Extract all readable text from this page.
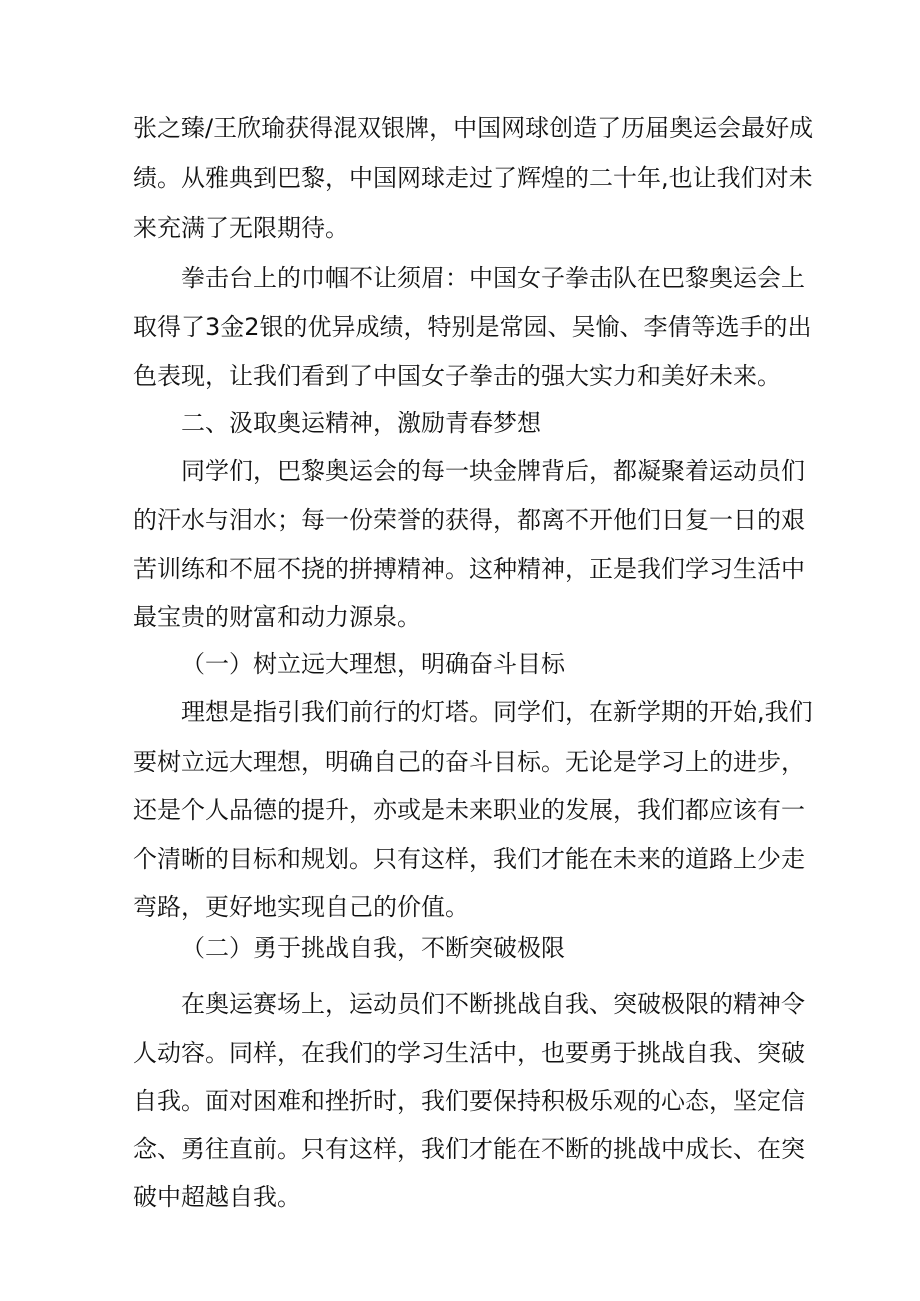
张之臻/王欣瑜获得混双银牌，中国网球创造了历届奥运会最好成
绩。从雅典到巴黎，中国网球走过了辉煌的二十年,也让我们对未
来充满了无限期待。
拳击台上的巾帼不让须眉：中国女子拳击队在巴黎奥运会上
取得了3金2银的优异成绩，特别是常园、吴愉、李倩等选手的出
色表现，让我们看到了中国女子拳击的强大实力和美好未来。
二、汲取奥运精神，激励青春梦想
同学们，巴黎奥运会的每一块金牌背后，都凝聚着运动员们
的汗水与泪水；每一份荣誉的获得，都离不开他们日复一日的艰
苦训练和不屈不挠的拼搏精神。这种精神，正是我们学习生活中
最宝贵的财富和动力源泉。
（一）树立远大理想，明确奋斗目标
理想是指引我们前行的灯塔。同学们，在新学期的开始,我们
要树立远大理想，明确自己的奋斗目标。无论是学习上的进步，
还是个人品德的提升，亦或是未来职业的发展，我们都应该有一
个清晰的目标和规划。只有这样，我们才能在未来的道路上少走
弯路，更好地实现自己的价值。
（二）勇于挑战自我，不断突破极限
在奥运赛场上，运动员们不断挑战自我、突破极限的精神令
人动容。同样，在我们的学习生活中，也要勇于挑战自我、突破
自我。面对困难和挫折时，我们要保持积极乐观的心态，坚定信
念、勇往直前。只有这样，我们才能在不断的挑战中成长、在突
破中超越自我。
